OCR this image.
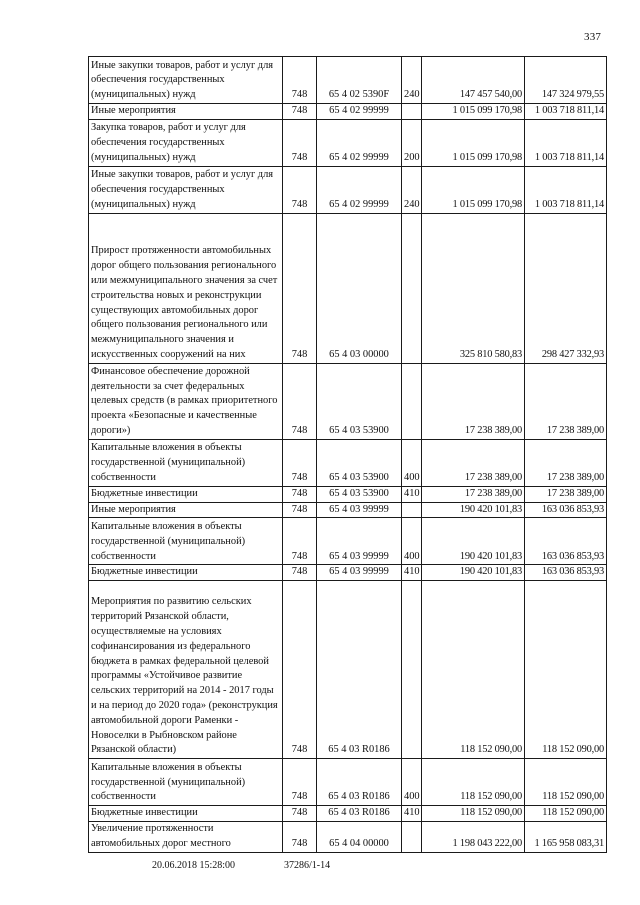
337
Иные закупки товаров, работ и услуг для обеспечения государственных (муниципальных) нужд	748	65 4 02 5390F	240	147 457 540,00	147 324 979,55
Иные мероприятия	748	65 4 02 99999		1 015 099 170,98	1 003 718 811,14
Закупка товаров, работ и услуг для обеспечения государственных (муниципальных) нужд	748	65 4 02 99999	200	1 015 099 170,98	1 003 718 811,14
Иные закупки товаров, работ и услуг для обеспечения государственных (муниципальных) нужд	748	65 4 02 99999	240	1 015 099 170,98	1 003 718 811,14
Прирост протяженности автомобильных дорог общего пользования регионального или межмуниципального значения за счет строительства новых и реконструкции существующих автомобильных дорог общего пользования регионального или межмуниципального значения и искусственных сооружений на них	748	65 4 03 00000		325 810 580,83	298 427 332,93
Финансовое обеспечение дорожной деятельности за счет федеральных целевых средств (в рамках приоритетного проекта «Безопасные и качественные дороги»)	748	65 4 03 53900		17 238 389,00	17 238 389,00
Капитальные вложения в объекты государственной (муниципальной) собственности	748	65 4 03 53900	400	17 238 389,00	17 238 389,00
Бюджетные инвестиции	748	65 4 03 53900	410	17 238 389,00	17 238 389,00
Иные мероприятия	748	65 4 03 99999		190 420 101,83	163 036 853,93
Капитальные вложения в объекты государственной (муниципальной) собственности	748	65 4 03 99999	400	190 420 101,83	163 036 853,93
Бюджетные инвестиции	748	65 4 03 99999	410	190 420 101,83	163 036 853,93
Мероприятия по развитию сельских территорий Рязанской области, осуществляемые на условиях софинансирования из федерального бюджета в рамках федеральной целевой программы «Устойчивое развитие сельских территорий на 2014 - 2017 годы и на период до 2020 года» (реконструкция автомобильной дороги Раменки - Новоселки в Рыбновском районе Рязанской области)	748	65 4 03 R0186		118 152 090,00	118 152 090,00
Капитальные вложения в объекты государственной (муниципальной) собственности	748	65 4 03 R0186	400	118 152 090,00	118 152 090,00
Бюджетные инвестиции	748	65 4 03 R0186	410	118 152 090,00	118 152 090,00
Увеличение протяженности автомобильных дорог местного	748	65 4 04 00000		1 198 043 222,00	1 165 958 083,31
20.06.2018 15:28:00	37286/1-14
